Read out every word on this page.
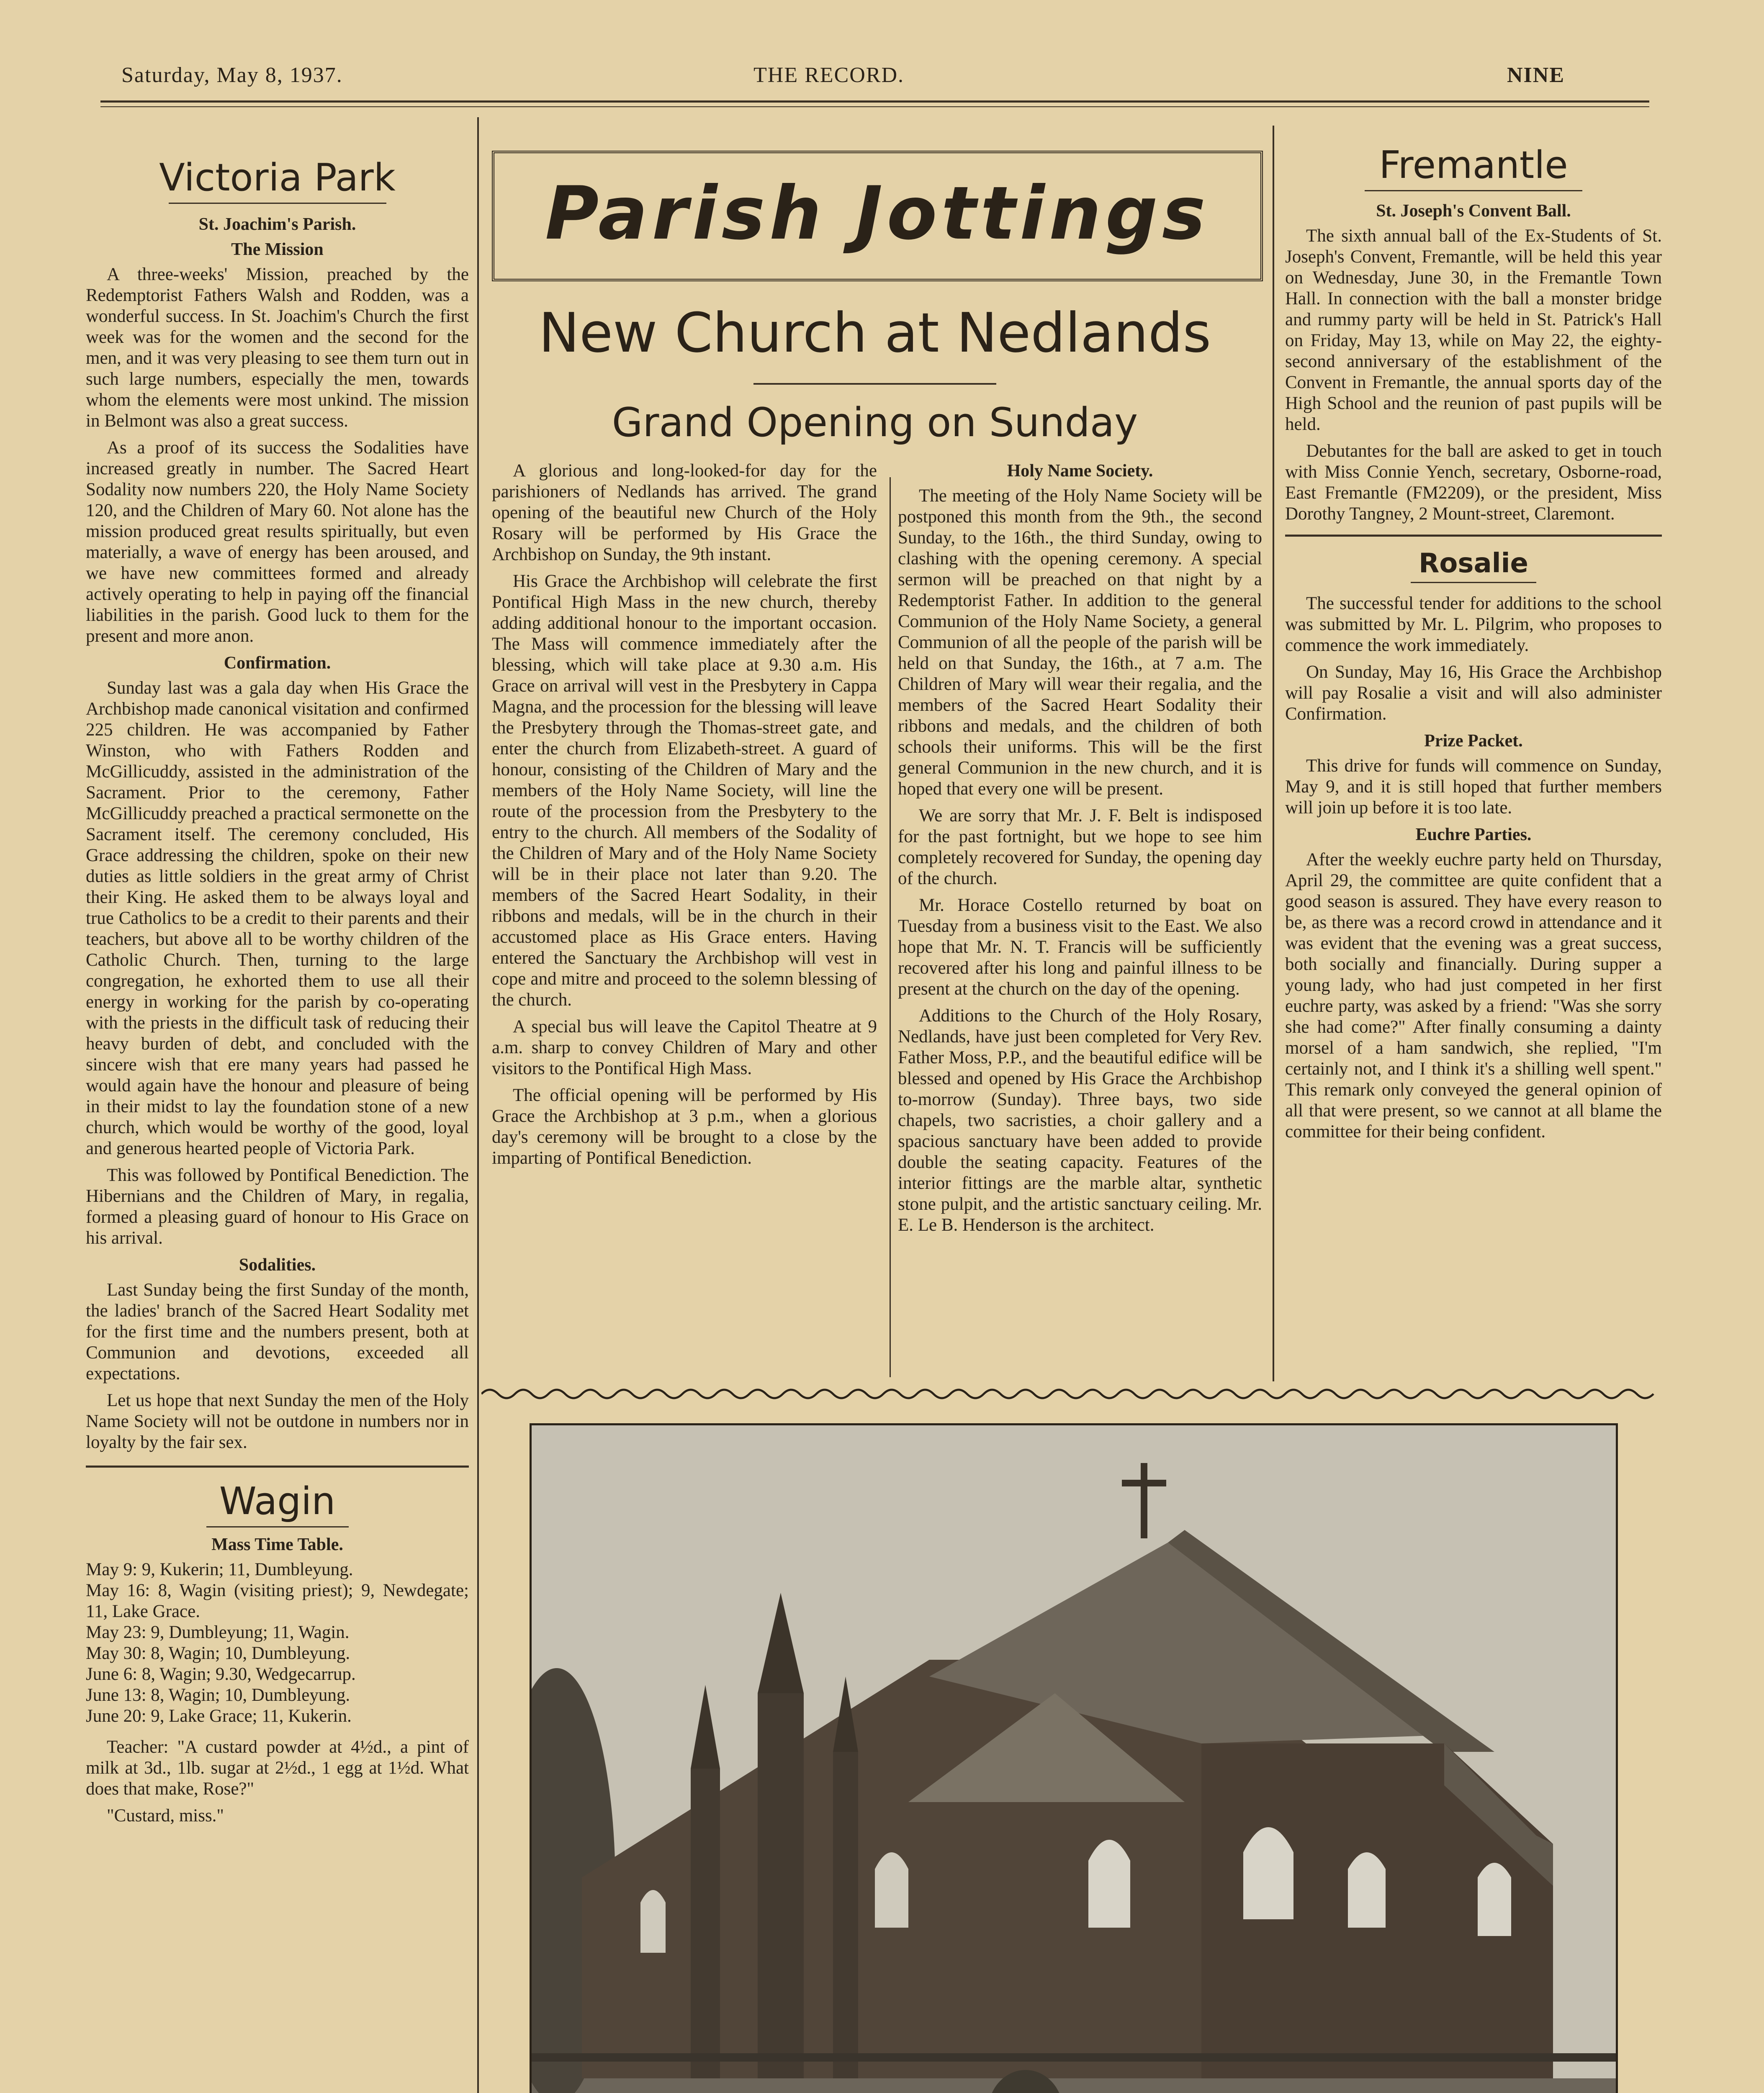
Saturday, May 8, 1937.	THE RECORD.	NINE
Victoria Park
St. Joachim's Parish.
The Mission

A three-weeks' Mission, preached by the Redemptorist Fathers Walsh and Rodden, was a wonderful success. In St. Joachim's Church the first week was for the women and the second for the men, and it was very pleasing to see them turn out in such large numbers, especially the men, towards whom the elements were most unkind. The mission in Belmont was also a great success.

As a proof of its success the Sodalities have increased greatly in number. The Sacred Heart Sodality now numbers 220, the Holy Name Society 120, and the Children of Mary 60. Not alone has the mission produced great results spiritually, but even materially, a wave of energy has been aroused, and we have new committees formed and already actively operating to help in paying off the financial liabilities in the parish. Good luck to them for the present and more anon.

Confirmation.

Sunday last was a gala day when His Grace the Archbishop made canonical visitation and confirmed 225 children. He was accompanied by Father Winston, who with Fathers Rodden and McGillicuddy, assisted in the administration of the Sacrament. Prior to the ceremony, Father McGillicuddy preached a practical sermonette on the Sacrament itself. The ceremony concluded, His Grace addressing the children, spoke on their new duties as little soldiers in the great army of Christ their King. He asked them to be always loyal and true Catholics to be a credit to their parents and their teachers, but above all to be worthy children of the Catholic Church. Then, turning to the large congregation, he exhorted them to use all their energy in working for the parish by co-operating with the priests in the difficult task of reducing their heavy burden of debt, and concluded with the sincere wish that ere many years had passed he would again have the honour and pleasure of being in their midst to lay the foundation stone of a new church, which would be worthy of the good, loyal and generous hearted people of Victoria Park.

This was followed by Pontifical Benediction. The Hibernians and the Children of Mary, in regalia, formed a pleasing guard of honour to His Grace on his arrival.

Sodalities.

Last Sunday being the first Sunday of the month, the ladies' branch of the Sacred Heart Sodality met for the first time and the numbers present, both at Communion and devotions, exceeded all expectations.

Let us hope that next Sunday the men of the Holy Name Society will not be outdone in numbers nor in loyalty by the fair sex.

Wagin
Mass Time Table.

May 9: 9, Kukerin; 11, Dumbleyung.

May 16: 8, Wagin (visiting priest); 9, Newdegate; 11, Lake Grace.

May 23: 9, Dumbleyung; 11, Wagin.

May 30: 8, Wagin; 10, Dumbleyung.

June 6: 8, Wagin; 9.30, Wedgecarrup.

June 13: 8, Wagin; 10, Dumbleyung.

June 20: 9, Lake Grace; 11, Kukerin.

Teacher: "A custard powder at 4½d., a pint of milk at 3d., 1lb. sugar at 2½d., 1 egg at 1½d. What does that make, Rose?"

"Custard, miss."

Parish Jottings
New Church at Nedlands
Grand Opening on Sunday

A glorious and long-looked-for day for the parishioners of Nedlands has arrived. The grand opening of the beautiful new Church of the Holy Rosary will be performed by His Grace the Archbishop on Sunday, the 9th instant.

His Grace the Archbishop will celebrate the first Pontifical High Mass in the new church, thereby adding additional honour to the important occasion. The Mass will commence immediately after the blessing, which will take place at 9.30 a.m. His Grace on arrival will vest in the Presbytery in Cappa Magna, and the procession for the blessing will leave the Presbytery through the Thomas-street gate, and enter the church from Elizabeth-street. A guard of honour, consisting of the Children of Mary and the members of the Holy Name Society, will line the route of the procession from the Presbytery to the entry to the church. All members of the Sodality of the Children of Mary and of the Holy Name Society will be in their place not later than 9.20. The members of the Sacred Heart Sodality, in their ribbons and medals, will be in the church in their accustomed place as His Grace enters. Having entered the Sanctuary the Archbishop will vest in cope and mitre and proceed to the solemn blessing of the church.

A special bus will leave the Capitol Theatre at 9 a.m. sharp to convey Children of Mary and other visitors to the Pontifical High Mass.

The official opening will be performed by His Grace the Archbishop at 3 p.m., when a glorious day's ceremony will be brought to a close by the imparting of Pontifical Benediction.

Holy Name Society.

The meeting of the Holy Name Society will be postponed this month from the 9th., the second Sunday, to the 16th., the third Sunday, owing to clashing with the opening ceremony. A special sermon will be preached on that night by a Redemptorist Father. In addition to the general Communion of the Holy Name Society, a general Communion of all the people of the parish will be held on that Sunday, the 16th., at 7 a.m. The Children of Mary will wear their regalia, and the members of the Sacred Heart Sodality their ribbons and medals, and the children of both schools their uniforms. This will be the first general Communion in the new church, and it is hoped that every one will be present.

We are sorry that Mr. J. F. Belt is indisposed for the past fortnight, but we hope to see him completely recovered for Sunday, the opening day of the church.

Mr. Horace Costello returned by boat on Tuesday from a business visit to the East. We also hope that Mr. N. T. Francis will be sufficiently recovered after his long and painful illness to be present at the church on the day of the opening.

Additions to the Church of the Holy Rosary, Nedlands, have just been completed for Very Rev. Father Moss, P.P., and the beautiful edifice will be blessed and opened by His Grace the Archbishop to-morrow (Sunday). Three bays, two side chapels, two sacristies, a choir gallery and a spacious sanctuary have been added to provide double the seating capacity. Features of the interior fittings are the marble altar, synthetic stone pulpit, and the artistic sanctuary ceiling. Mr. E. Le B. Henderson is the architect.

Fremantle
St. Joseph's Convent Ball.

The sixth annual ball of the Ex-Students of St. Joseph's Convent, Fremantle, will be held this year on Wednesday, June 30, in the Fremantle Town Hall. In connection with the ball a monster bridge and rummy party will be held in St. Patrick's Hall on Friday, May 13, while on May 22, the eighty-second anniversary of the establishment of the Convent in Fremantle, the annual sports day of the High School and the reunion of past pupils will be held.

Debutantes for the ball are asked to get in touch with Miss Connie Yench, secretary, Osborne-road, East Fremantle (FM2209), or the president, Miss Dorothy Tangney, 2 Mount-street, Claremont.

Rosalie

The successful tender for additions to the school was submitted by Mr. L. Pilgrim, who proposes to commence the work immediately.

On Sunday, May 16, His Grace the Archbishop will pay Rosalie a visit and will also administer Confirmation.

Prize Packet.

This drive for funds will commence on Sunday, May 9, and it is still hoped that further members will join up before it is too late.

Euchre Parties.

After the weekly euchre party held on Thursday, April 29, the committee are quite confident that a good season is assured. They have every reason to be, as there was a record crowd in attendance and it was evident that the evening was a great success, both socially and financially. During supper a young lady, who had just competed in her first euchre party, was asked by a friend: "Was she sorry she had come?" After finally consuming a dainty morsel of a ham sandwich, she replied, "I'm certainly not, and I think it's a shilling well spent." This remark only conveyed the general opinion of all that were present, so we cannot at all blame the committee for their being confident.
